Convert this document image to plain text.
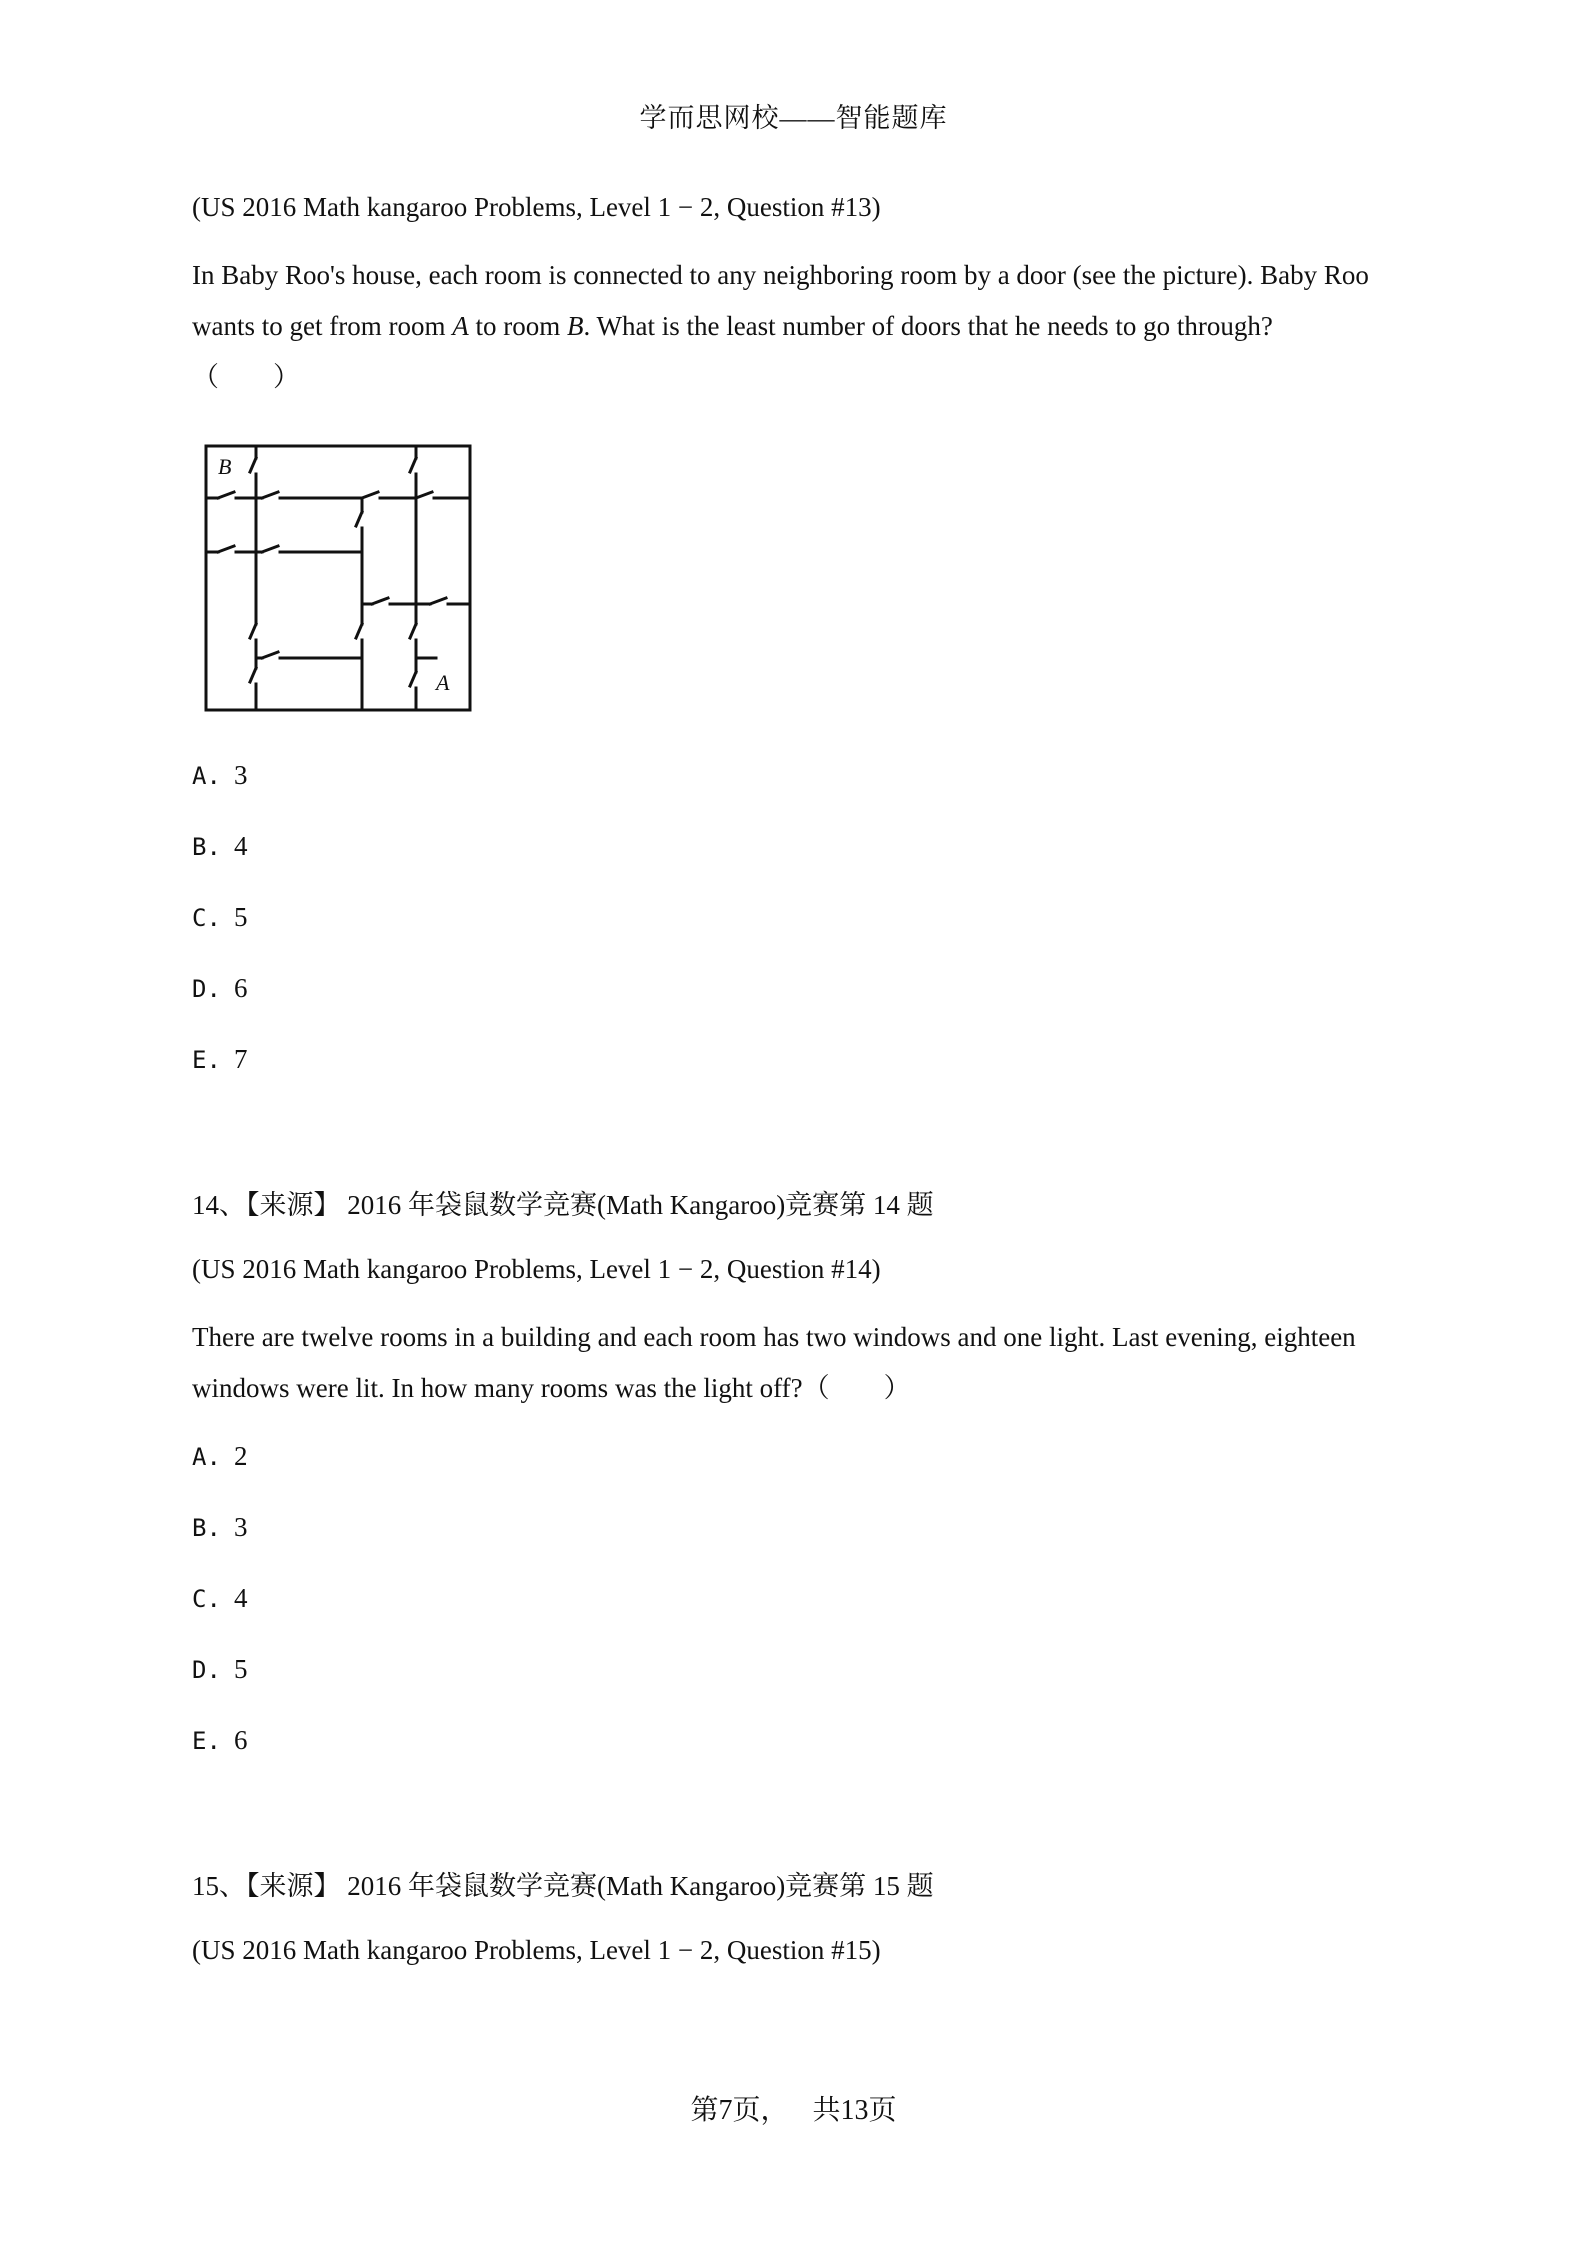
学而思网校——智能题库
(US 2016 Math kangaroo Problems, Level 1 − 2, Question #13)
In Baby Roo's house, each room is connected to any neighboring room by a door (see the picture). Baby Roo wants to get from room A to room B. What is the least number of doors that he needs to go through?
（　　）
B
A
A. 3
B. 4
C. 5
D. 6
E. 7
14、【来源】 2016 年袋鼠数学竞赛(Math Kangaroo)竞赛第 14 题
(US 2016 Math kangaroo Problems, Level 1 − 2, Question #14)
There are twelve rooms in a building and each room has two windows and one light. Last evening, eighteen windows were lit. In how many rooms was the light off?（　　）
A. 2
B. 3
C. 4
D. 5
E. 6
15、【来源】 2016 年袋鼠数学竞赛(Math Kangaroo)竞赛第 15 题
(US 2016 Math kangaroo Problems, Level 1 − 2, Question #15)
第7页， 共13页
